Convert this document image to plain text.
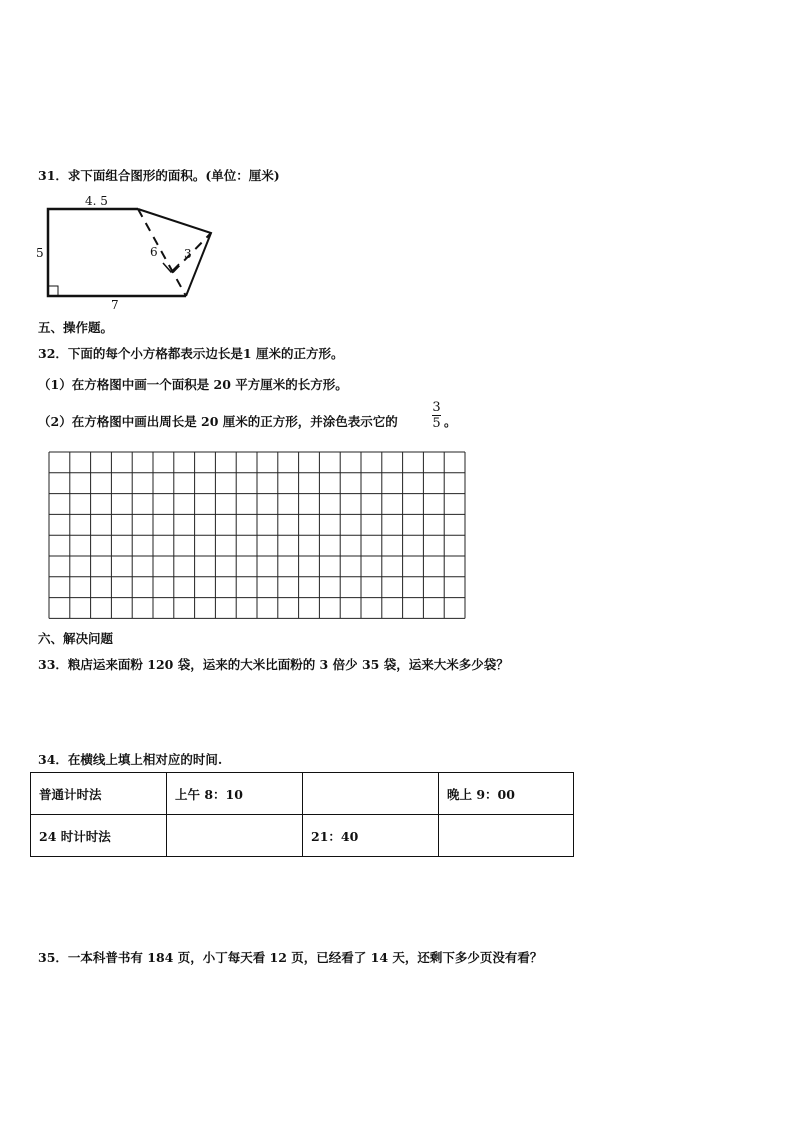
31．求下面组合图形的面积。(单位：厘米)
4. 5
5
7
6 3
五、操作题。
32．下面的每个小方格都表示边长是1 厘米的正方形。
（1）在方格图中画一个面积是 20 平方厘米的长方形。
（2）在方格图中画出周长是 20 厘米的正方形，并涂色表示它的
3
5 。
六、解决问题
33．粮店运来面粉 120 袋，运来的大米比面粉的 3 倍少 35 袋，运来大米多少袋？
34．在横线上填上相对应的时间.
普通计时法	上午 8：10		晚上 9：00
24 时计时法		21：40	
35．一本科普书有 184 页，小丁每天看 12 页，已经看了 14 天，还剩下多少页没有看？
